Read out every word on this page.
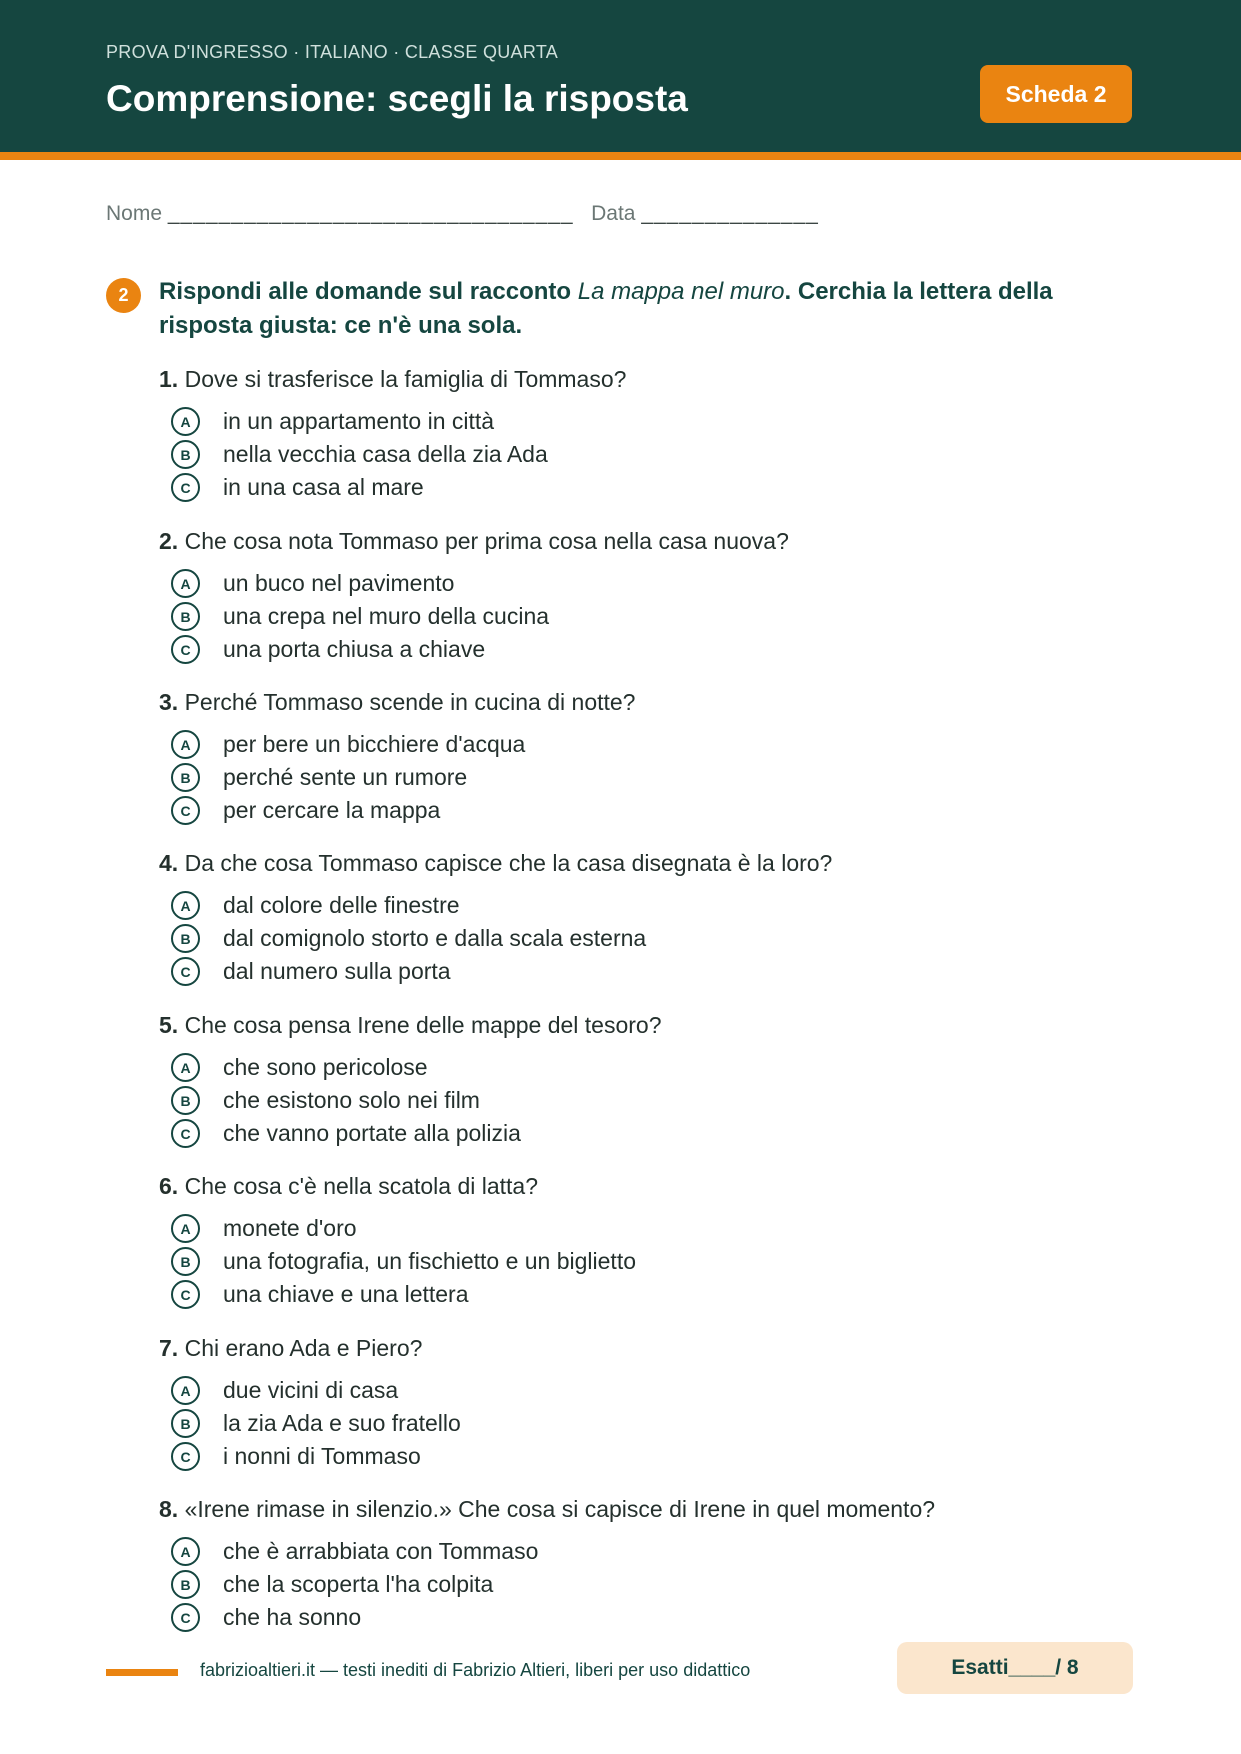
PROVA D'INGRESSO · ITALIANO · CLASSE QUARTA
Comprensione: scegli la risposta	Scheda 2
Nome ________________________________ Data ______________
2	Rispondi alle domande sul racconto La mappa nel muro. Cerchia la lettera della risposta giusta: ce n'è una sola.
1. Dove si trasferisce la famiglia di Tommaso?
A	in un appartamento in città
B	nella vecchia casa della zia Ada
C	in una casa al mare
2. Che cosa nota Tommaso per prima cosa nella casa nuova?
A	un buco nel pavimento
B	una crepa nel muro della cucina
C	una porta chiusa a chiave
3. Perché Tommaso scende in cucina di notte?
A	per bere un bicchiere d'acqua
B	perché sente un rumore
C	per cercare la mappa
4. Da che cosa Tommaso capisce che la casa disegnata è la loro?
A	dal colore delle finestre
B	dal comignolo storto e dalla scala esterna
C	dal numero sulla porta
5. Che cosa pensa Irene delle mappe del tesoro?
A	che sono pericolose
B	che esistono solo nei film
C	che vanno portate alla polizia
6. Che cosa c'è nella scatola di latta?
A	monete d'oro
B	una fotografia, un fischietto e un biglietto
C	una chiave e una lettera
7. Chi erano Ada e Piero?
A	due vicini di casa
B	la zia Ada e suo fratello
C	i nonni di Tommaso
8. «Irene rimase in silenzio.» Che cosa si capisce di Irene in quel momento?
A	che è arrabbiata con Tommaso
B	che la scoperta l'ha colpita
C	che ha sonno
fabrizioaltieri.it — testi inediti di Fabrizio Altieri, liberi per uso didattico	Esatti ____ / 8
